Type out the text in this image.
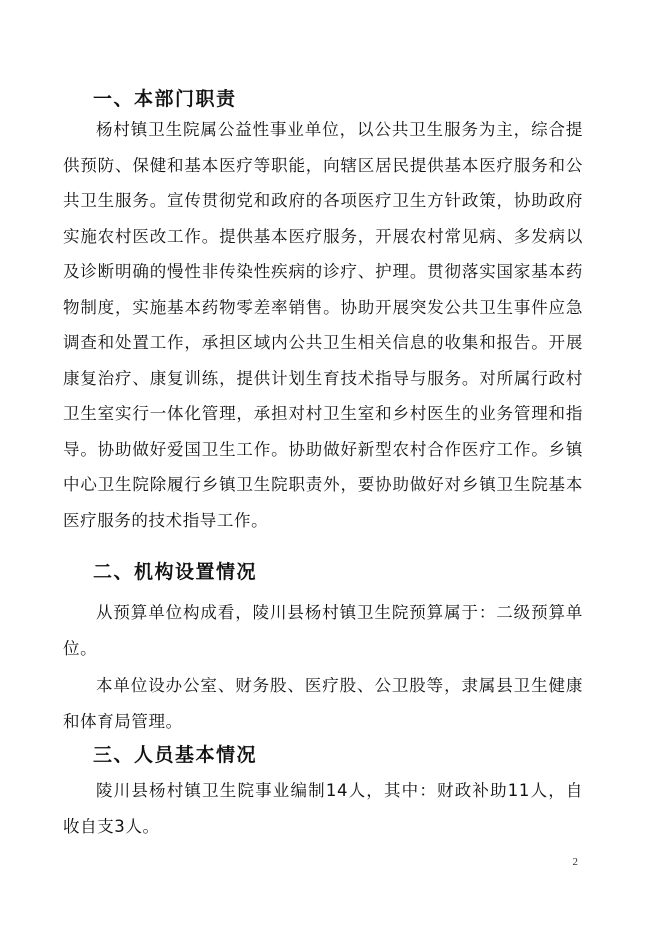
一、本部门职责

杨村镇卫生院属公益性事业单位，以公共卫生服务为主，综合提供预防、保健和基本医疗等职能，向辖区居民提供基本医疗服务和公共卫生服务。宣传贯彻党和政府的各项医疗卫生方针政策，协助政府实施农村医改工作。提供基本医疗服务，开展农村常见病、多发病以及诊断明确的慢性非传染性疾病的诊疗、护理。贯彻落实国家基本药物制度，实施基本药物零差率销售。协助开展突发公共卫生事件应急调查和处置工作，承担区域内公共卫生相关信息的收集和报告。开展康复治疗、康复训练，提供计划生育技术指导与服务。对所属行政村卫生室实行一体化管理，承担对村卫生室和乡村医生的业务管理和指导。协助做好爱国卫生工作。协助做好新型农村合作医疗工作。乡镇中心卫生院除履行乡镇卫生院职责外，要协助做好对乡镇卫生院基本医疗服务的技术指导工作。

二、机构设置情况

从预算单位构成看，陵川县杨村镇卫生院预算属于：二级预算单位。

本单位设办公室、财务股、医疗股、公卫股等，隶属县卫生健康和体育局管理。

三、人员基本情况

陵川县杨村镇卫生院事业编制14人，其中：财政补助11人，自收自支3人。

2
